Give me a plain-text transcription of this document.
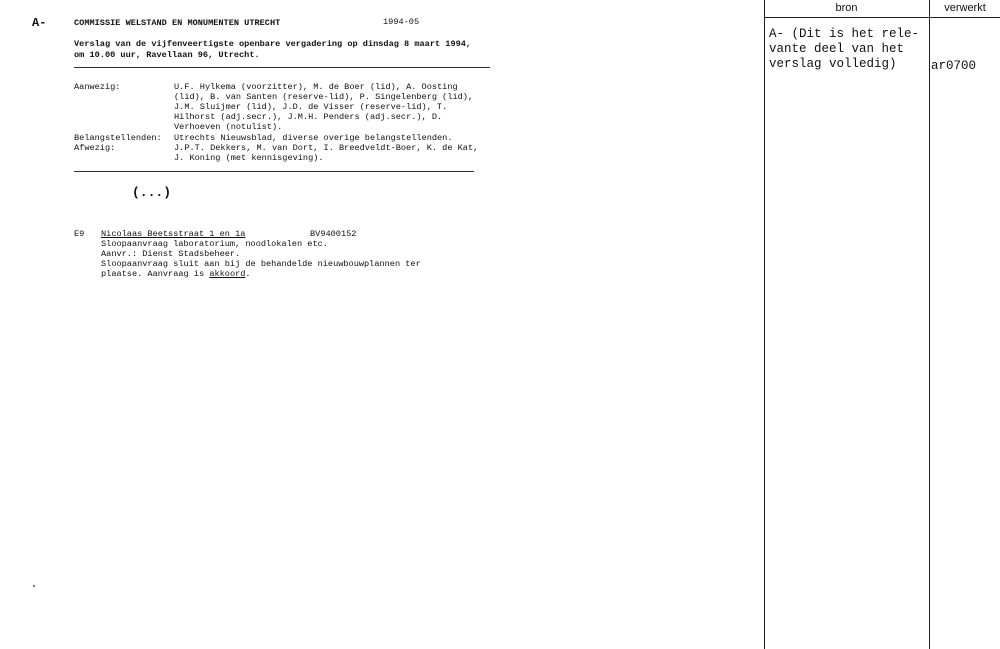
A-	COMMISSIE WELSTAND EN MONUMENTEN UTRECHT	1994-05
Verslag van de vijfenveertigste openbare vergadering op dinsdag 8 maart 1994,
om 10.00 uur, Ravellaan 96, Utrecht.
Aanwezig:	U.F. Hylkema (voorzitter), M. de Boer (lid), A. Oosting
(lid), B. van Santen (reserve-lid), P. Singelenberg (lid),
J.M. Sluijmer (lid), J.D. de Visser (reserve-lid), T.
Hilhorst (adj.secr.), J.M.H. Penders (adj.secr.), D.
Verhoeven (notulist).
Belangstellenden: Utrechts Nieuwsblad, diverse overige belangstellenden.
Afwezig:	J.P.T. Dekkers, M. van Dort, I. Breedveldt-Boer, K. de Kat,
J. Koning (met kennisgeving).
(...)
E9 Nicolaas Beetsstraat 1 en 1a	BV9400152
Sloopaanvraag laboratorium, noodlokalen etc.
Aanvr.: Dienst Stadsbeheer.
Sloopaanvraag sluit aan bij de behandelde nieuwbouwplannen ter
plaatse. Aanvraag is akkoord.
bron	verwerkt
A- (Dit is het rele-
vante deel van het
verslag volledig)	ar0700
